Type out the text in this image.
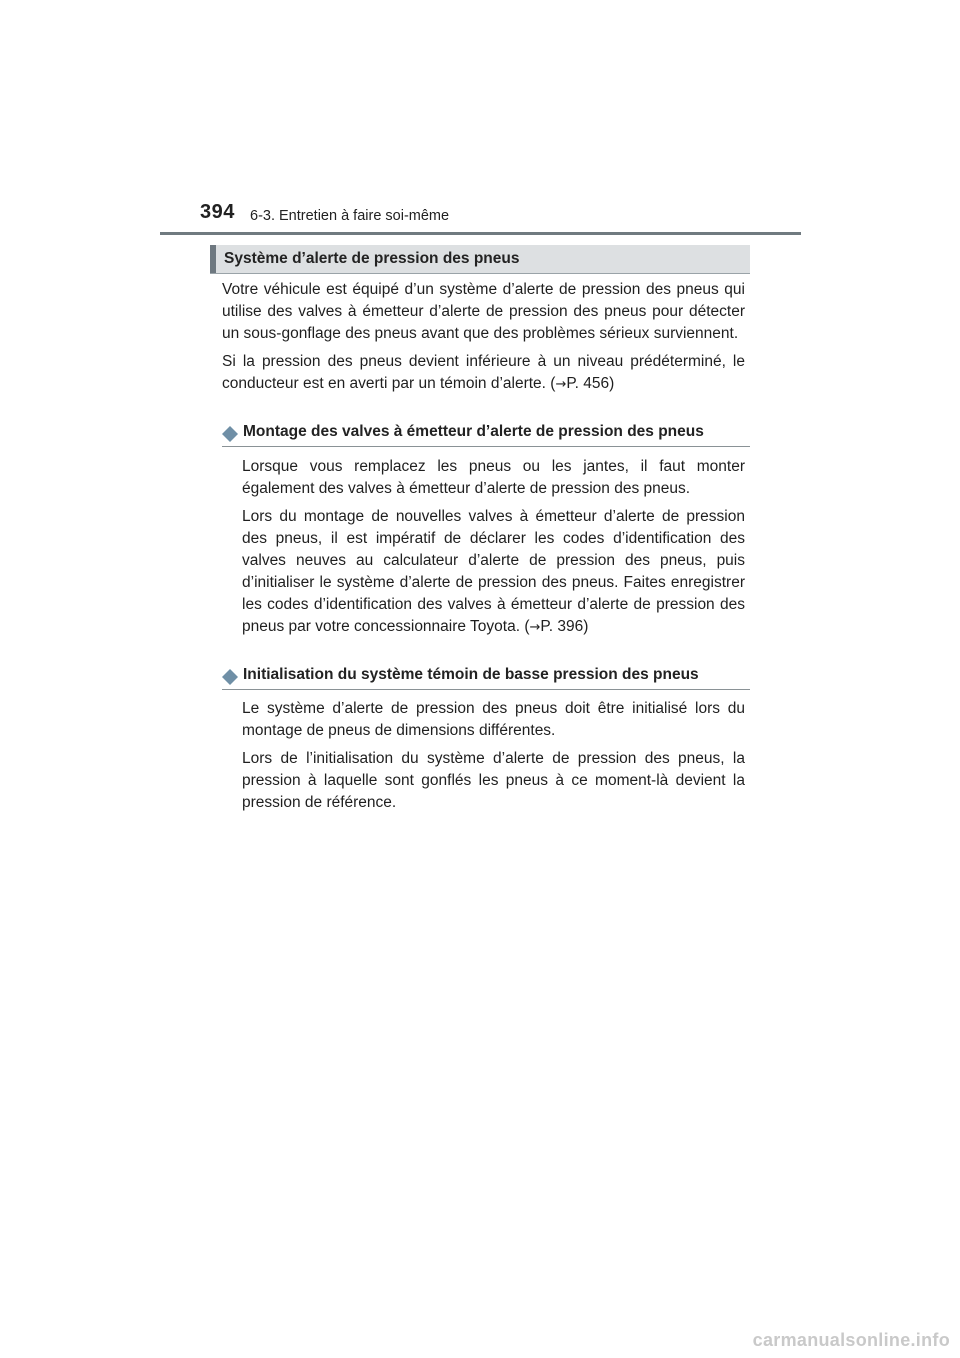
394 6-3. Entretien à faire soi-même
Système d’alerte de pression des pneus

Votre véhicule est équipé d’un système d’alerte de pression des pneus qui utilise des valves à émetteur d’alerte de pression des pneus pour détecter un sous-gonflage des pneus avant que des problèmes sérieux surviennent.

Si la pression des pneus devient inférieure à un niveau prédéterminé, le conducteur est en averti par un témoin d’alerte. (→P. 456)

Montage des valves à émetteur d’alerte de pression des pneus

Lorsque vous remplacez les pneus ou les jantes, il faut monter également des valves à émetteur d’alerte de pression des pneus.

Lors du montage de nouvelles valves à émetteur d’alerte de pression des pneus, il est impératif de déclarer les codes d’identification des valves neuves au calculateur d’alerte de pression des pneus, puis d’initialiser le système d’alerte de pression des pneus. Faites enregistrer les codes d’identification des valves à émetteur d’alerte de pression des pneus par votre concessionnaire Toyota. (→P. 396)

Initialisation du système témoin de basse pression des pneus

Le système d’alerte de pression des pneus doit être initialisé lors du montage de pneus de dimensions différentes.

Lors de l’initialisation du système d’alerte de pression des pneus, la pression à laquelle sont gonflés les pneus à ce moment-là devient la pression de référence.

carmanualsonline.info
